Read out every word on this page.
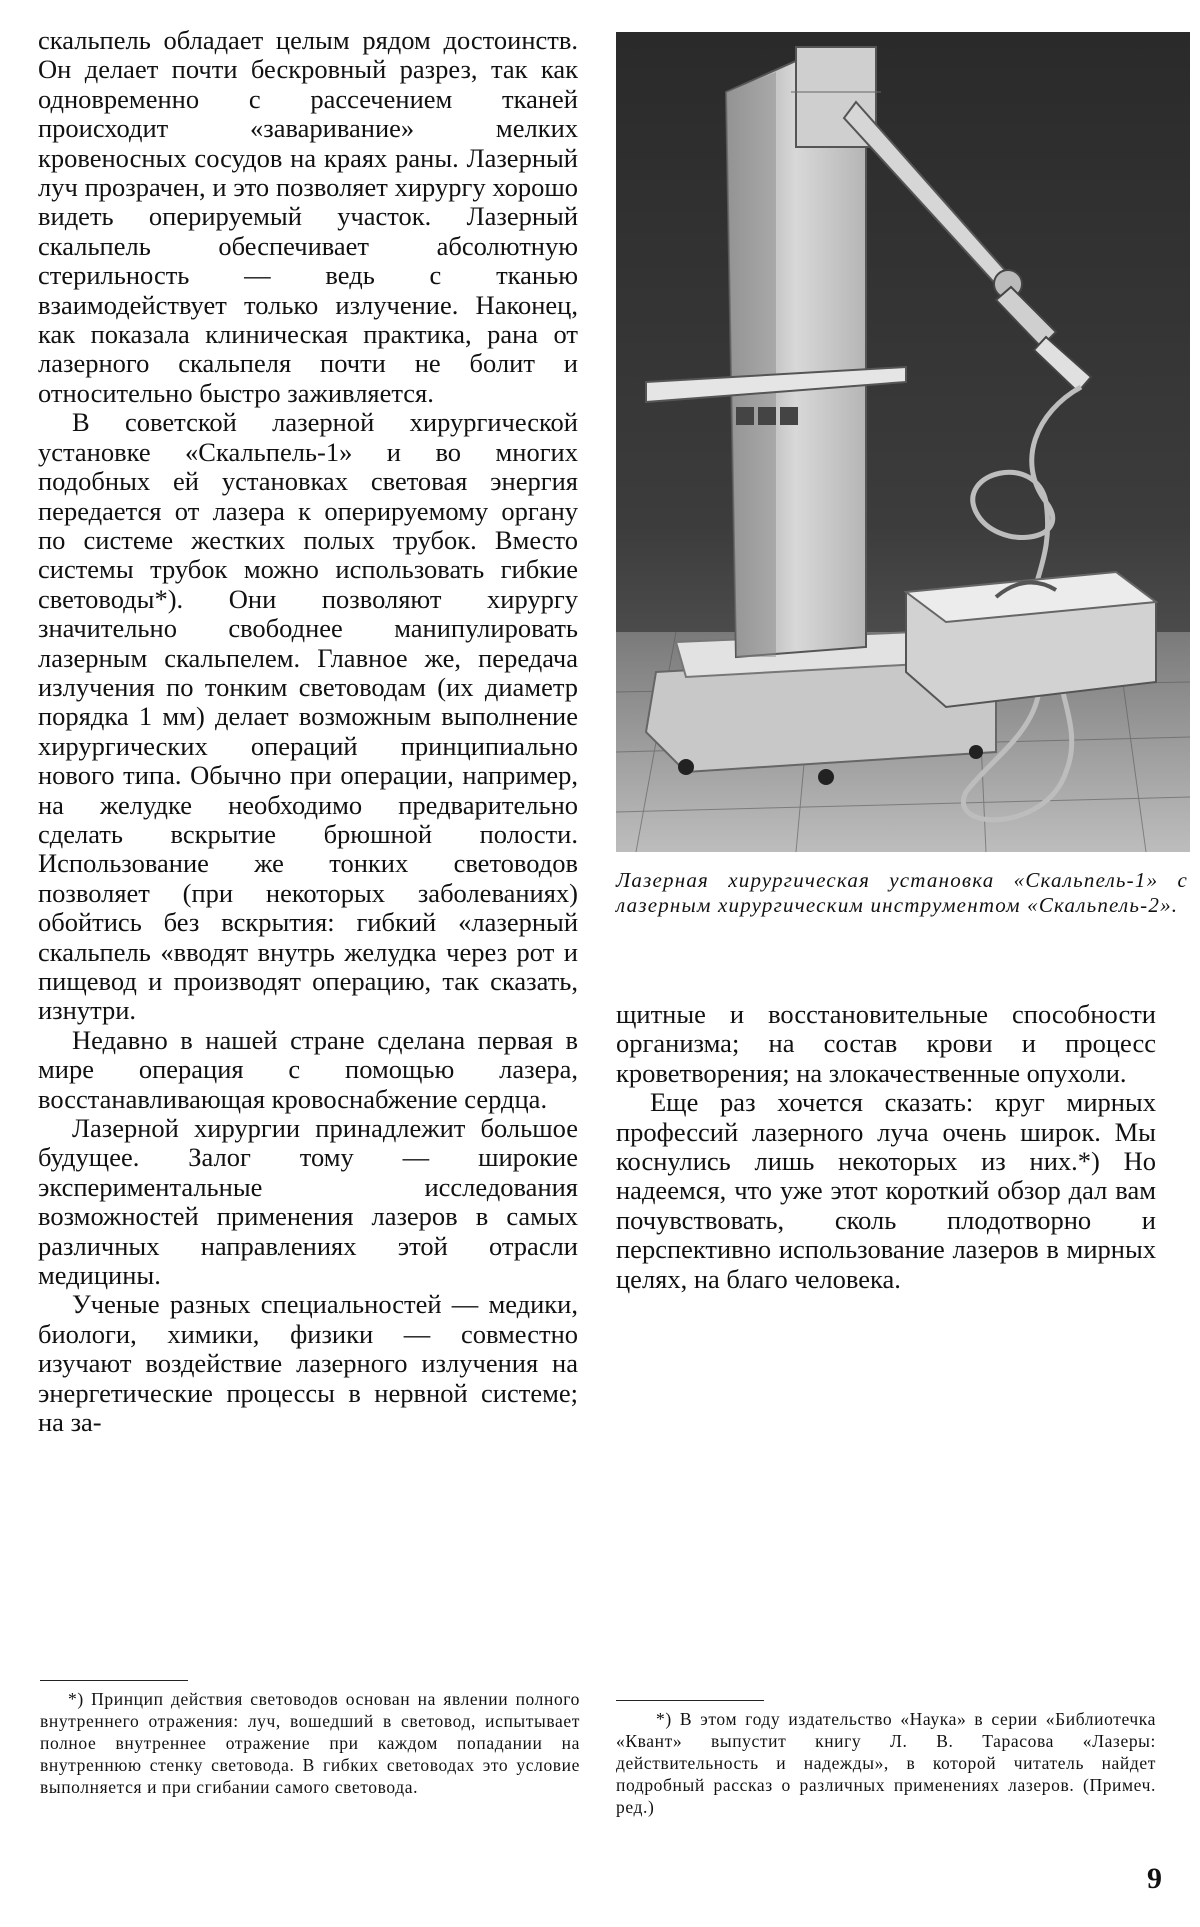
скальпель обладает целым рядом достоинств. Он делает почти бескровный разрез, так как одновременно с рассечением тканей происходит «заваривание» мелких кровеносных сосудов на краях раны. Лазерный луч прозрачен, и это позволяет хирургу хорошо видеть оперируемый участок. Лазерный скальпель обеспечивает абсолютную стерильность — ведь с тканью взаимодействует только излучение. Наконец, как показала клиническая практика, рана от лазерного скальпеля почти не болит и относительно быстро заживляется.

В советской лазерной хирургической установке «Скальпель-1» и во многих подобных ей установках световая энергия передается от лазера к оперируемому органу по системе жестких полых трубок. Вместо системы трубок можно использовать гибкие световоды*). Они позволяют хирургу значительно свободнее манипулировать лазерным скальпелем. Главное же, передача излучения по тонким световодам (их диаметр порядка 1 мм) делает возможным выполнение хирургических операций принципиально нового типа. Обычно при операции, например, на желудке необходимо предварительно сделать вскрытие брюшной полости. Использование же тонких световодов позволяет (при некоторых заболеваниях) обойтись без вскрытия: гибкий «лазерный скальпель «вводят внутрь желудка через рот и пищевод и производят операцию, так сказать, изнутри.

Недавно в нашей стране сделана первая в мире операция с помощью лазера, восстанавливающая кровоснабжение сердца.

Лазерной хирургии принадлежит большое будущее. Залог тому — широкие экспериментальные исследования возможностей применения лазеров в самых различных направлениях этой отрасли медицины.

Ученые разных специальностей — медики, биологи, химики, физики — совместно изучают воздействие лазерного излучения на энергетические процессы в нервной системе; на за-

Лазерная хирургическая установка «Скальпель-1» с лазерным хирургическим инструментом «Скальпель-2».

щитные и восстановительные способности организма; на состав крови и процесс кроветворения; на злокачественные опухоли.

Еще раз хочется сказать: круг мирных профессий лазерного луча очень широк. Мы коснулись лишь некоторых из них.*) Но надеемся, что уже этот короткий обзор дал вам почувствовать, сколь плодотворно и перспективно использование лазеров в мирных целях, на благо человека.

*) Принцип действия световодов основан на явлении полного внутреннего отражения: луч, вошедший в световод, испытывает полное внутреннее отражение при каждом попадании на внутреннюю стенку световода. В гибких световодах это условие выполняется и при сгибании самого световода.
*) В этом году издательство «Наука» в серии «Библиотечка «Квант» выпустит книгу Л. В. Тарасова «Лазеры: действительность и надежды», в которой читатель найдет подробный рассказ о различных применениях лазеров. (Примеч. ред.)
9
